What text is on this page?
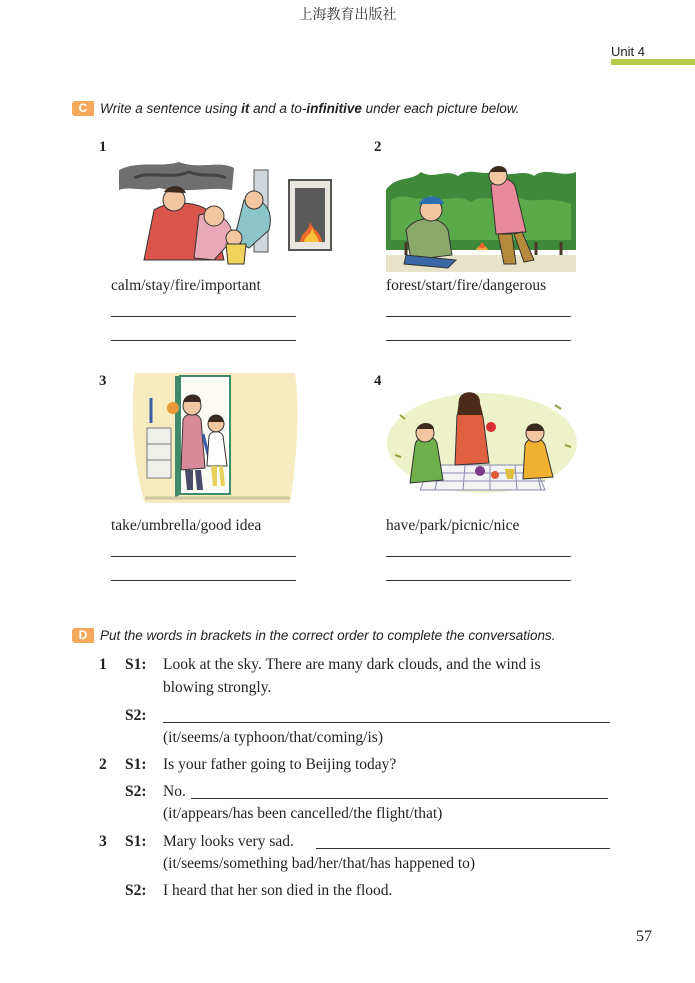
上海教育出版社
Unit 4
C Write a sentence using it and a to-infinitive under each picture below.
1
calm/stay/fire/important
2
forest/start/fire/dangerous
3
take/umbrella/good idea
4
have/park/picnic/nice
D Put the words in brackets in the correct order to complete the conversations.
1 S1: Look at the sky. There are many dark clouds, and the wind is
blowing strongly.
S2:
(it/seems/a typhoon/that/coming/is)
2 S1: Is your father going to Beijing today?
S2: No.
(it/appears/has been cancelled/the flight/that)
3 S1: Mary looks very sad.
(it/seems/something bad/her/that/has happened to)
S2: I heard that her son died in the flood.
57
